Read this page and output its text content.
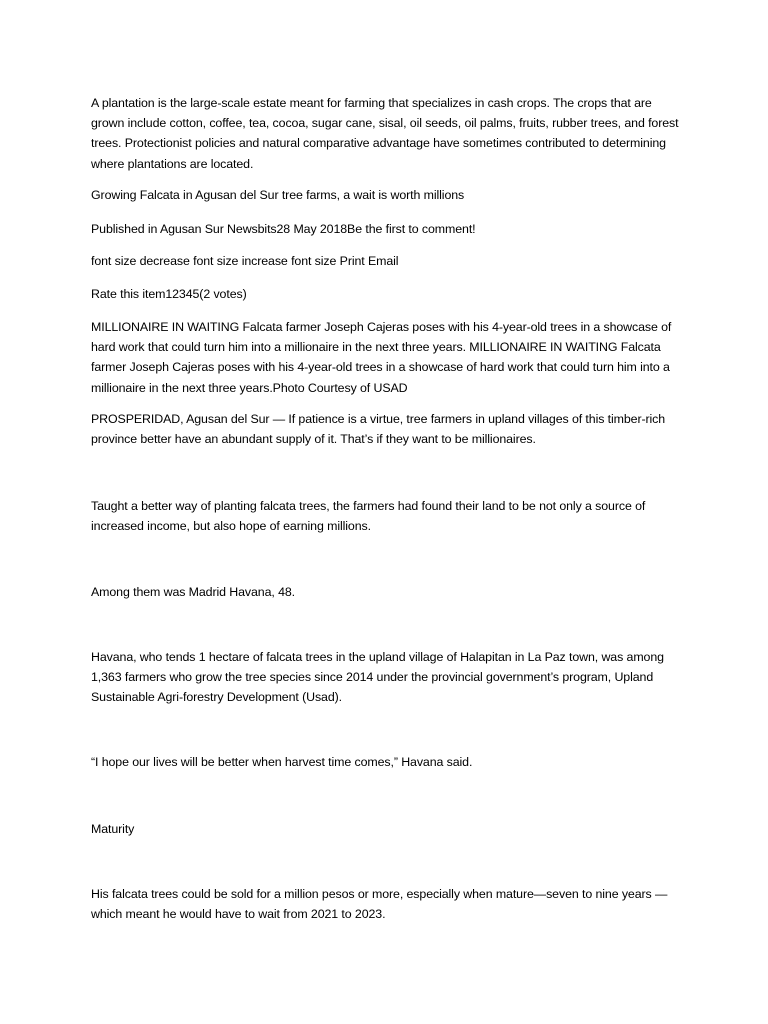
A plantation is the large-scale estate meant for farming that specializes in cash crops. The crops that are grown include cotton, coffee, tea, cocoa, sugar cane, sisal, oil seeds, oil palms, fruits, rubber trees, and forest trees. Protectionist policies and natural comparative advantage have sometimes contributed to determining where plantations are located.

Growing Falcata in Agusan del Sur tree farms, a wait is worth millions

Published in Agusan Sur Newsbits28 May 2018Be the first to comment!

font size decrease font size increase font size Print Email

Rate this item12345(2 votes)

MILLIONAIRE IN WAITING Falcata farmer Joseph Cajeras poses with his 4-year-old trees in a showcase of hard work that could turn him into a millionaire in the next three years. MILLIONAIRE IN WAITING Falcata farmer Joseph Cajeras poses with his 4-year-old trees in a showcase of hard work that could turn him into a millionaire in the next three years.Photo Courtesy of USAD

PROSPERIDAD, Agusan del Sur — If patience is a virtue, tree farmers in upland villages of this timber-rich province better have an abundant supply of it. That’s if they want to be millionaires.

Taught a better way of planting falcata trees, the farmers had found their land to be not only a source of increased income, but also hope of earning millions.

Among them was Madrid Havana, 48.

Havana, who tends 1 hectare of falcata trees in the upland village of Halapitan in La Paz town, was among 1,363 farmers who grow the tree species since 2014 under the provincial government’s program, Upland Sustainable Agri-forestry Development (Usad).

“I hope our lives will be better when harvest time comes,” Havana said.

Maturity

His falcata trees could be sold for a million pesos or more, especially when mature—seven to nine years —which meant he would have to wait from 2021 to 2023.
